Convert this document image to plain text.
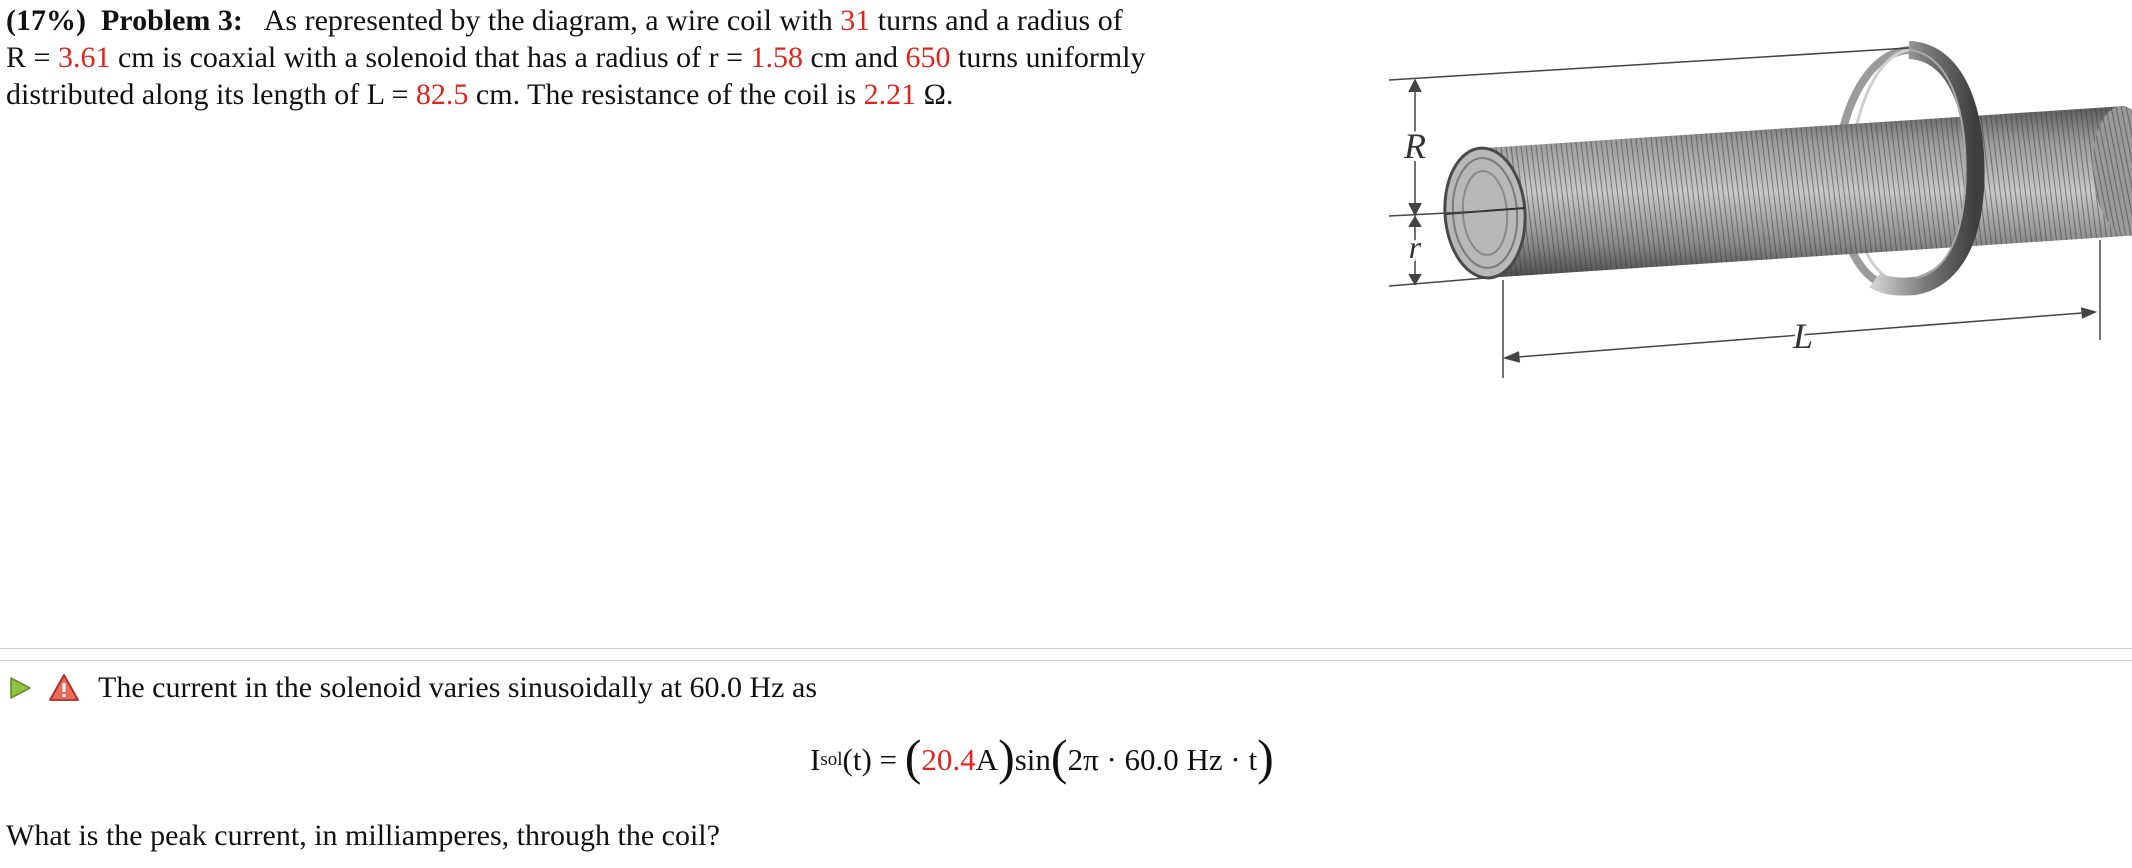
(17%) Problem 3: As represented by the diagram, a wire coil with 31 turns and a radius of
R = 3.61 cm is coaxial with a solenoid that has a radius of r = 1.58 cm and 650 turns uniformly
distributed along its length of L = 82.5 cm. The resistance of the coil is 2.21 Ω.
R
r
L
The current in the solenoid varies sinusoidally at 60.0 Hz as
I sol (t) =
( 20.4 A ) sin ( 2π · 60.0 Hz · t )
What is the peak current, in milliamperes, through the coil?
